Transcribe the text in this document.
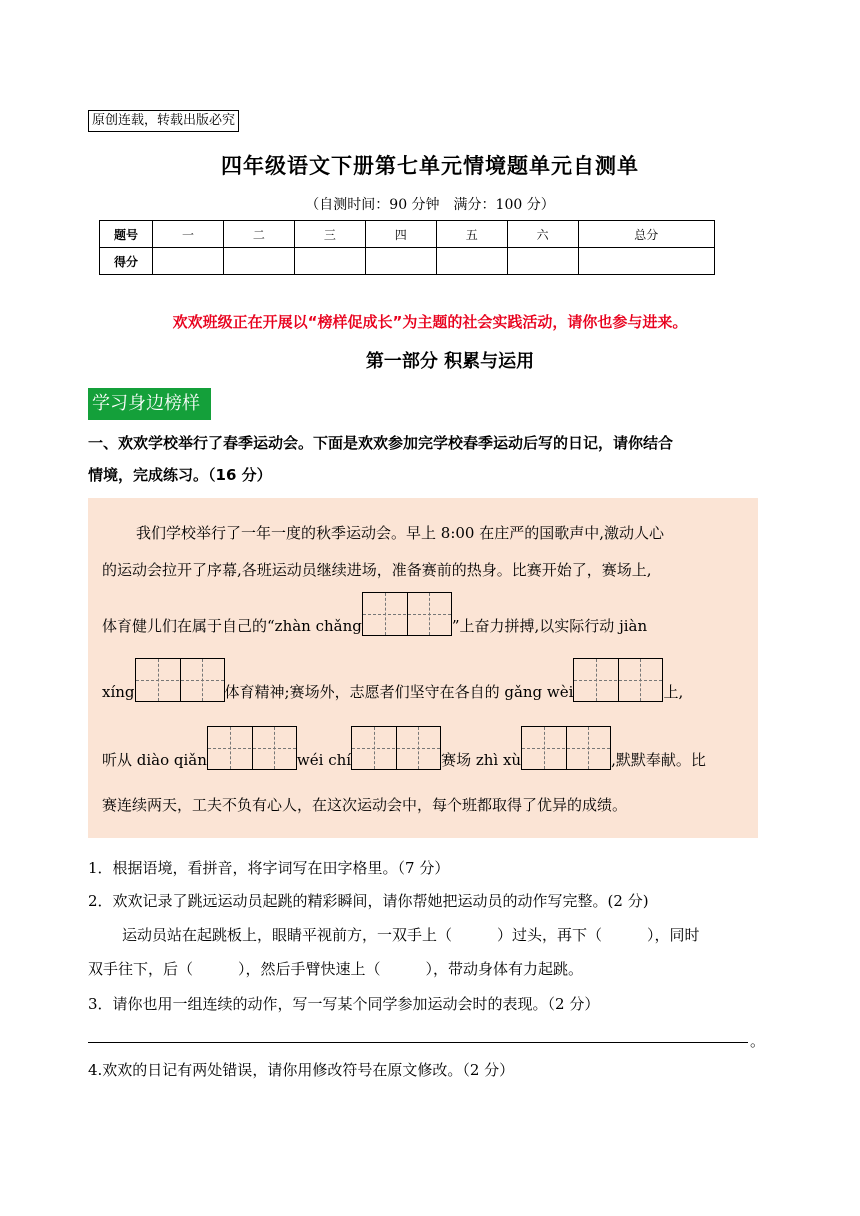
原创连载，转载出版必究
四年级语文下册第七单元情境题单元自测单
（自测时间：90 分钟　满分：100 分）
题号	一	二	三	四	五	六	总分
得分							
欢欢班级正在开展以“榜样促成长”为主题的社会实践活动，请你也参与进来。
第一部分 积累与运用
学习身边榜样
一、欢欢学校举行了春季运动会。下面是欢欢参加完学校春季运动后写的日记，请你结合
情境，完成练习。（16 分）
我们学校举行了一年一度的秋季运动会。早上 8:00 在庄严的国歌声中,激动人心
的运动会拉开了序幕,各班运动员继续进场，准备赛前的热身。比赛开始了，赛场上,
体育健儿们在属于自己的“zhàn chǎng	”上奋力拼搏,以实际行动 jiàn
xíng	体育精神;赛场外，志愿者们坚守在各自的 gǎng wèi	上,
听从 diào qiǎn	wéi chí	赛场 zhì xù	,默默奉献。比
赛连续两天，工夫不负有心人，在这次运动会中，每个班都取得了优异的成绩。
1．根据语境，看拼音，将字词写在田字格里。（7 分）
2．欢欢记录了跳远运动员起跳的精彩瞬间，请你帮她把运动员的动作写完整。(2 分)
运动员站在起跳板上，眼睛平视前方，一双手上（　　　）过头，再下（　　　），同时
双手往下，后（　　　），然后手臂快速上（　　　），带动身体有力起跳。
3．请你也用一组连续的动作，写一写某个同学参加运动会时的表现。（2 分）
。
4.欢欢的日记有两处错误，请你用修改符号在原文修改。（2 分）
